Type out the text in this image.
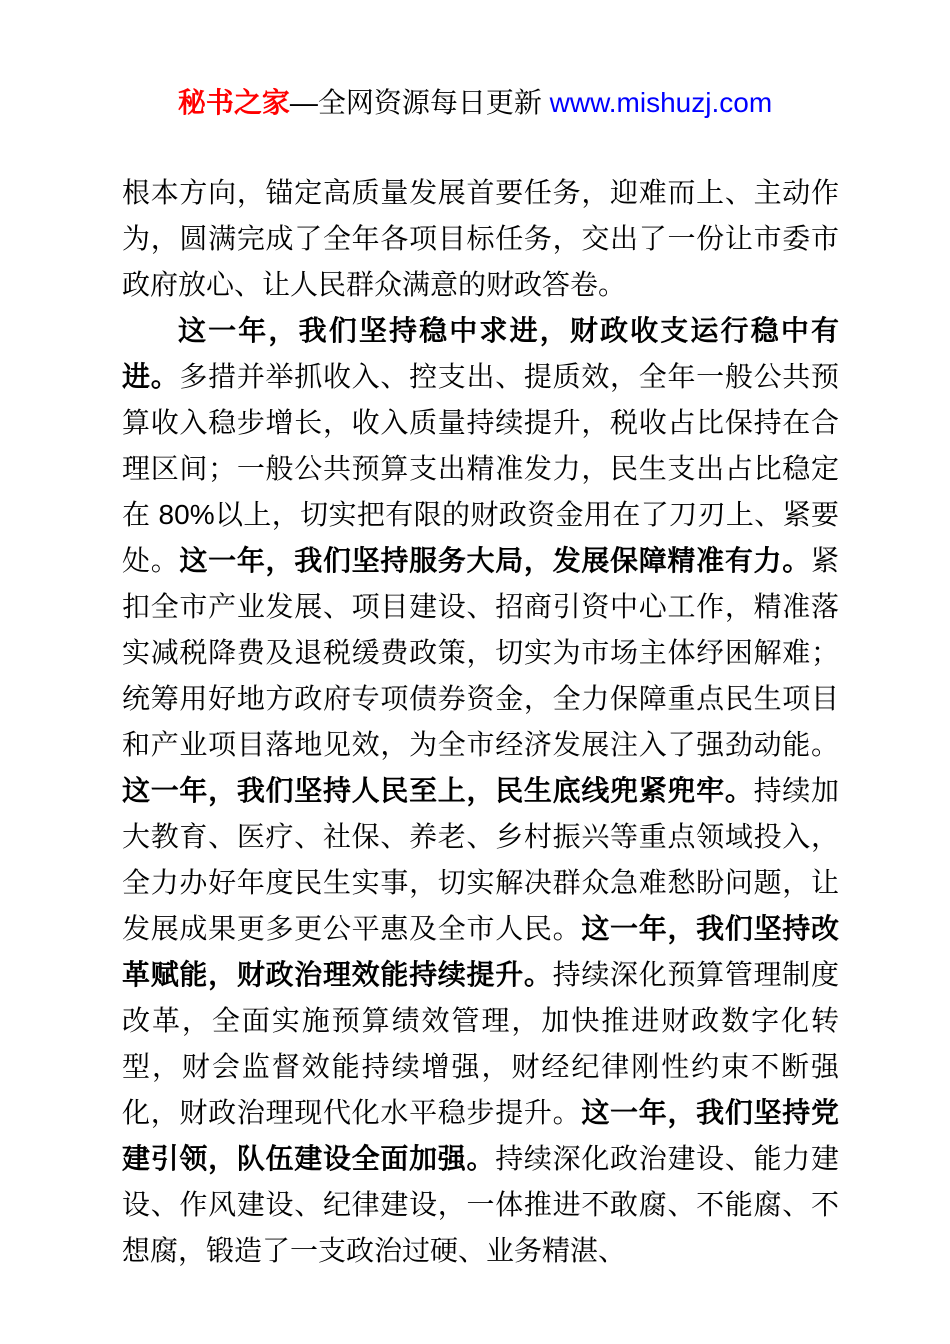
秘书之家—全网资源每日更新 www.mishuzj.com

根本方向，锚定高质量发展首要任务，迎难而上、主动作为，圆满完成了全年各项目标任务，交出了一份让市委市政府放心、让人民群众满意的财政答卷。

这一年，我们坚持稳中求进，财政收支运行稳中有进。多措并举抓收入、控支出、提质效，全年一般公共预算收入稳步增长，收入质量持续提升，税收占比保持在合理区间；一般公共预算支出精准发力，民生支出占比稳定在 80%以上，切实把有限的财政资金用在了刀刃上、紧要处。这一年，我们坚持服务大局，发展保障精准有力。紧扣全市产业发展、项目建设、招商引资中心工作，精准落实减税降费及退税缓费政策，切实为市场主体纾困解难；统筹用好地方政府专项债券资金，全力保障重点民生项目和产业项目落地见效，为全市经济发展注入了强劲动能。这一年，我们坚持人民至上，民生底线兜紧兜牢。持续加大教育、医疗、社保、养老、乡村振兴等重点领域投入，全力办好年度民生实事，切实解决群众急难愁盼问题，让发展成果更多更公平惠及全市人民。这一年，我们坚持改革赋能，财政治理效能持续提升。持续深化预算管理制度改革，全面实施预算绩效管理，加快推进财政数字化转型，财会监督效能持续增强，财经纪律刚性约束不断强化，财政治理现代化水平稳步提升。这一年，我们坚持党建引领，队伍建设全面加强。持续深化政治建设、能力建设、作风建设、纪律建设，一体推进不敢腐、不能腐、不想腐，锻造了一支政治过硬、业务精湛、
